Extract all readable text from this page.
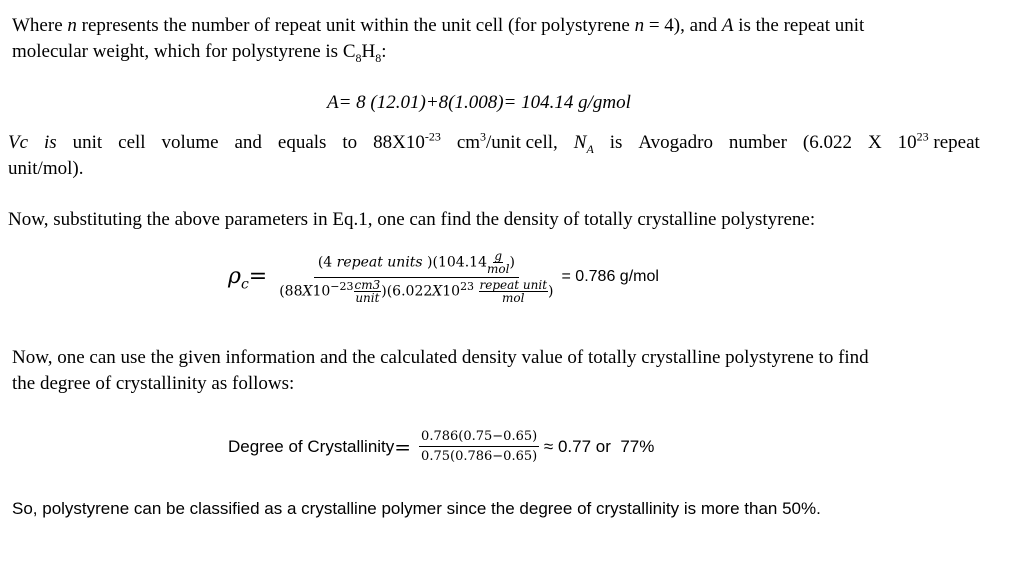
Where n represents the number of repeat unit within the unit cell (for polystyrene n = 4), and A is the repeat unit
molecular weight, which for polystyrene is $C_8H_8$:
A= 8 (12.01)+8(1.008)= 104.14 g/gmol
Vc is unit cell volume and equals to $88X10^{-23}$ $cm^3$/unit cell, $N_A$ is Avogadro number (6.022 X $10^{23}$ repeat
unit/mol).
Now, substituting the above parameters in Eq.1, one can find the density of totally crystalline polystyrene:
$\rho_c = (4$ repeat units )(104.14 g
mol )
($88X10^{-23}$ cm3
unit )($6.022X10^{23}$ repeat unit
mol ) = 0.786 g/mol
Now, one can use the given information and the calculated density value of totally crystalline polystyrene to find
the degree of crystallinity as follows:
Degree of Crystallinity = $\frac{0.786(0.75-0.65)}{0.75(0.786-0.65)} \approx 0.77$ or  77%
So, polystyrene can be classified as a crystalline polymer since the degree of crystallinity is more than 50%.
